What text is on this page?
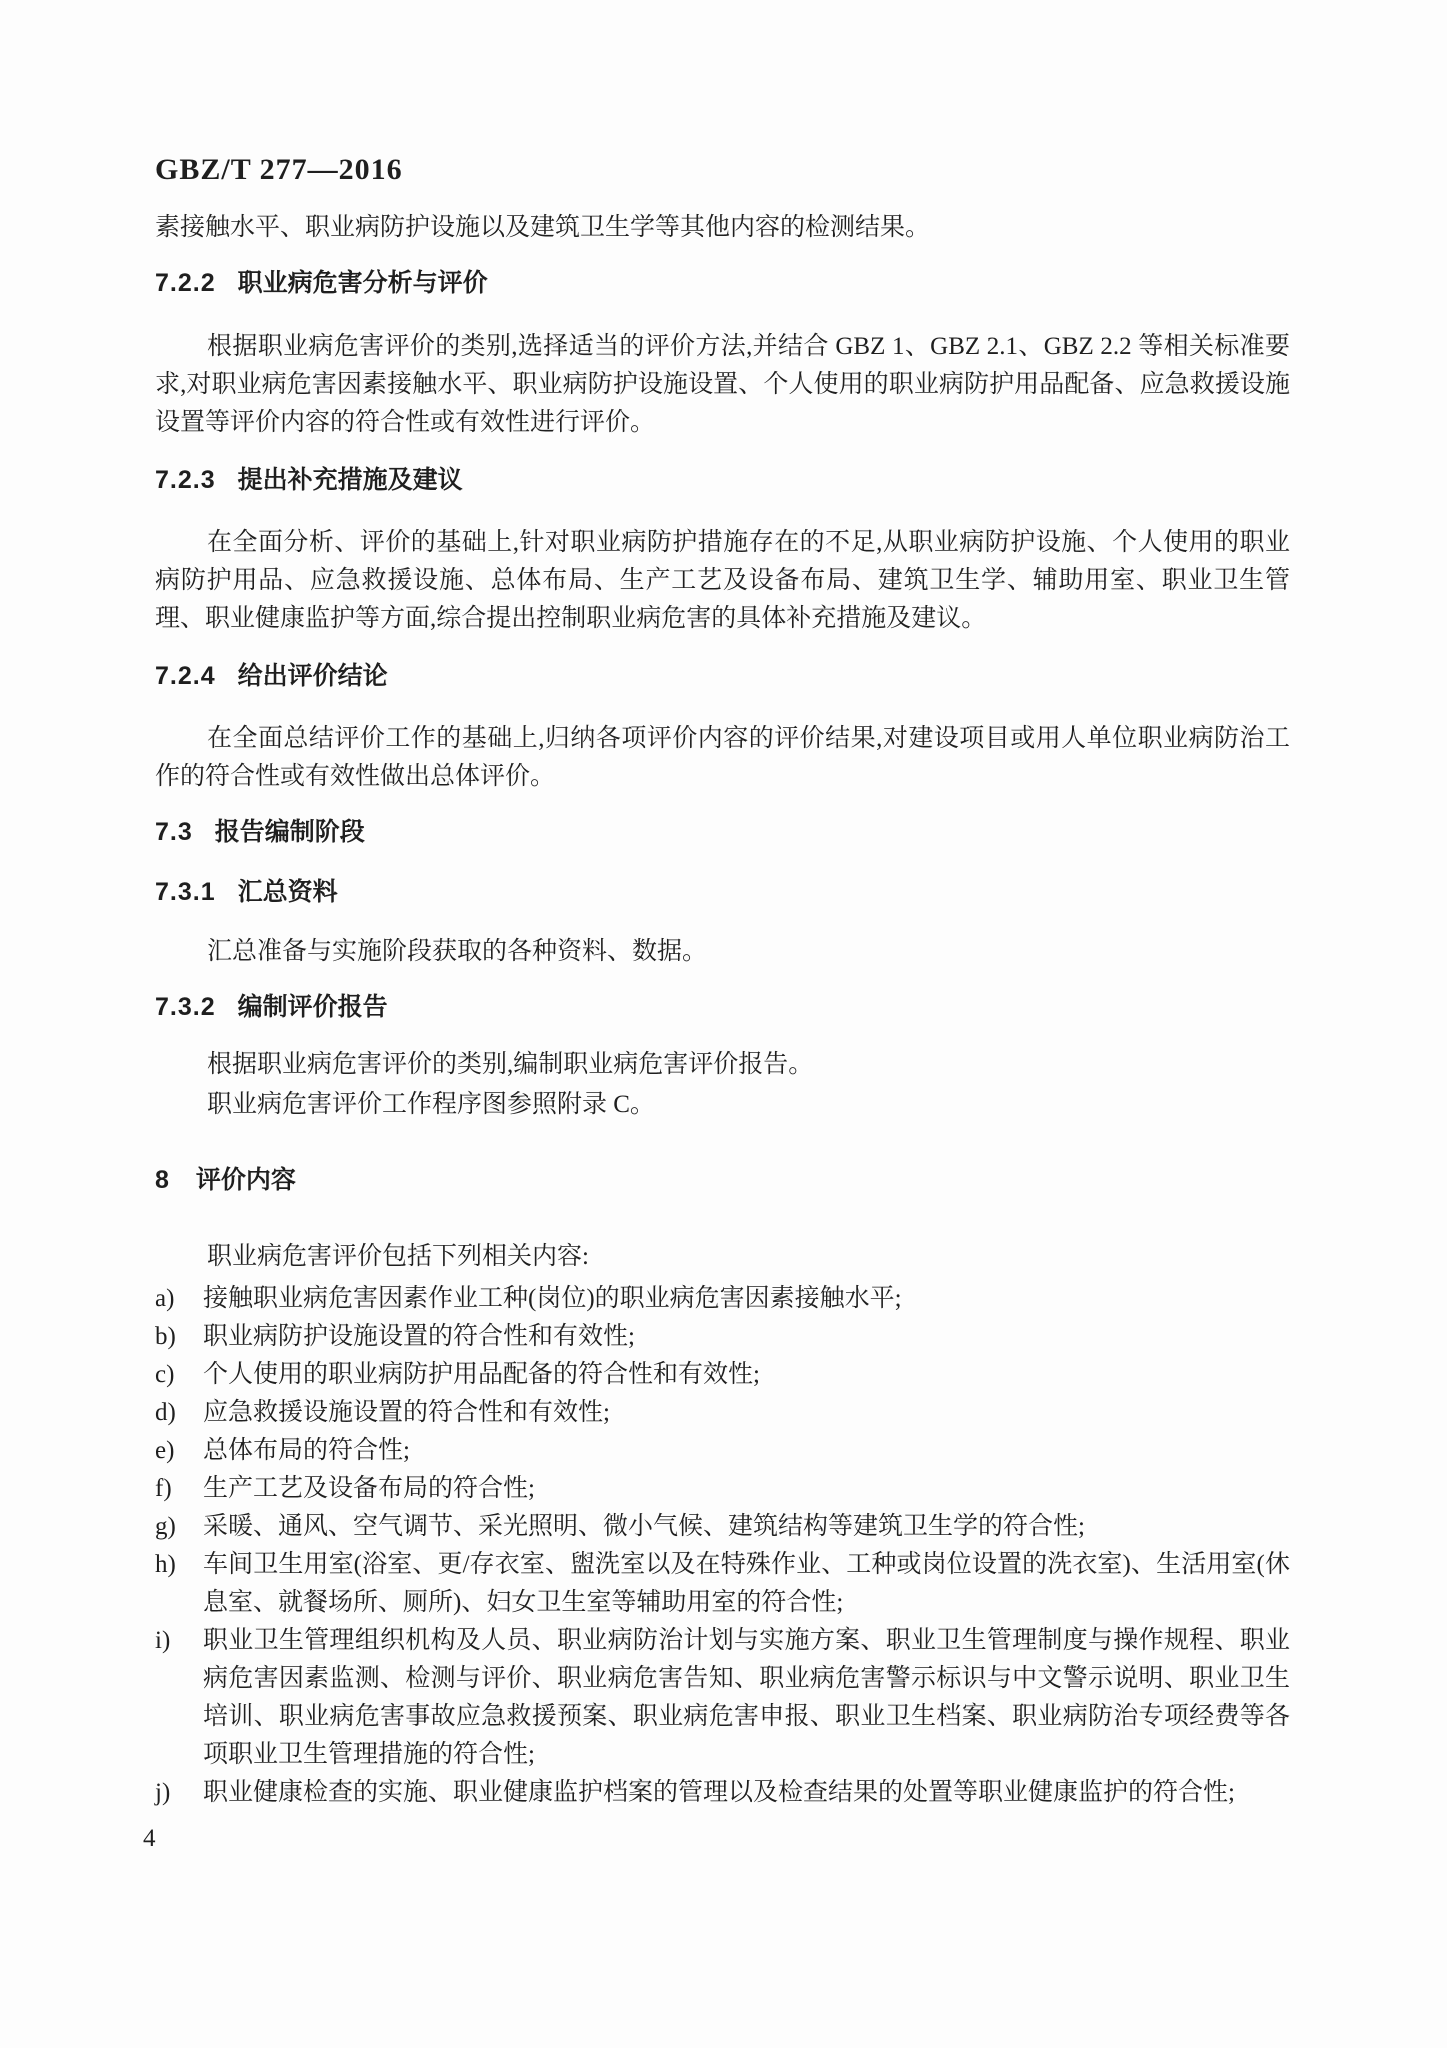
GBZ/T 277—2016
素接触水平、职业病防护设施以及建筑卫生学等其他内容的检测结果。
7.2.2 职业病危害分析与评价
根据职业病危害评价的类别,选择适当的评价方法,并结合 GBZ 1、GBZ 2.1、GBZ 2.2 等相关标准要求,对职业病危害因素接触水平、职业病防护设施设置、个人使用的职业病防护用品配备、应急救援设施设置等评价内容的符合性或有效性进行评价。
7.2.3 提出补充措施及建议
在全面分析、评价的基础上,针对职业病防护措施存在的不足,从职业病防护设施、个人使用的职业病防护用品、应急救援设施、总体布局、生产工艺及设备布局、建筑卫生学、辅助用室、职业卫生管理、职业健康监护等方面,综合提出控制职业病危害的具体补充措施及建议。
7.2.4 给出评价结论
在全面总结评价工作的基础上,归纳各项评价内容的评价结果,对建设项目或用人单位职业病防治工作的符合性或有效性做出总体评价。
7.3 报告编制阶段
7.3.1 汇总资料
汇总准备与实施阶段获取的各种资料、数据。
7.3.2 编制评价报告
根据职业病危害评价的类别,编制职业病危害评价报告。
职业病危害评价工作程序图参照附录 C。
8 评价内容
职业病危害评价包括下列相关内容:
a)	接触职业病危害因素作业工种(岗位)的职业病危害因素接触水平;
b)	职业病防护设施设置的符合性和有效性;
c)	个人使用的职业病防护用品配备的符合性和有效性;
d)	应急救援设施设置的符合性和有效性;
e)	总体布局的符合性;
f)	生产工艺及设备布局的符合性;
g)	采暖、通风、空气调节、采光照明、微小气候、建筑结构等建筑卫生学的符合性;
h)	车间卫生用室(浴室、更/存衣室、盥洗室以及在特殊作业、工种或岗位设置的洗衣室)、生活用室(休息室、就餐场所、厕所)、妇女卫生室等辅助用室的符合性;
i)	职业卫生管理组织机构及人员、职业病防治计划与实施方案、职业卫生管理制度与操作规程、职业病危害因素监测、检测与评价、职业病危害告知、职业病危害警示标识与中文警示说明、职业卫生培训、职业病危害事故应急救援预案、职业病危害申报、职业卫生档案、职业病防治专项经费等各项职业卫生管理措施的符合性;
j)	职业健康检查的实施、职业健康监护档案的管理以及检查结果的处置等职业健康监护的符合性;
4
